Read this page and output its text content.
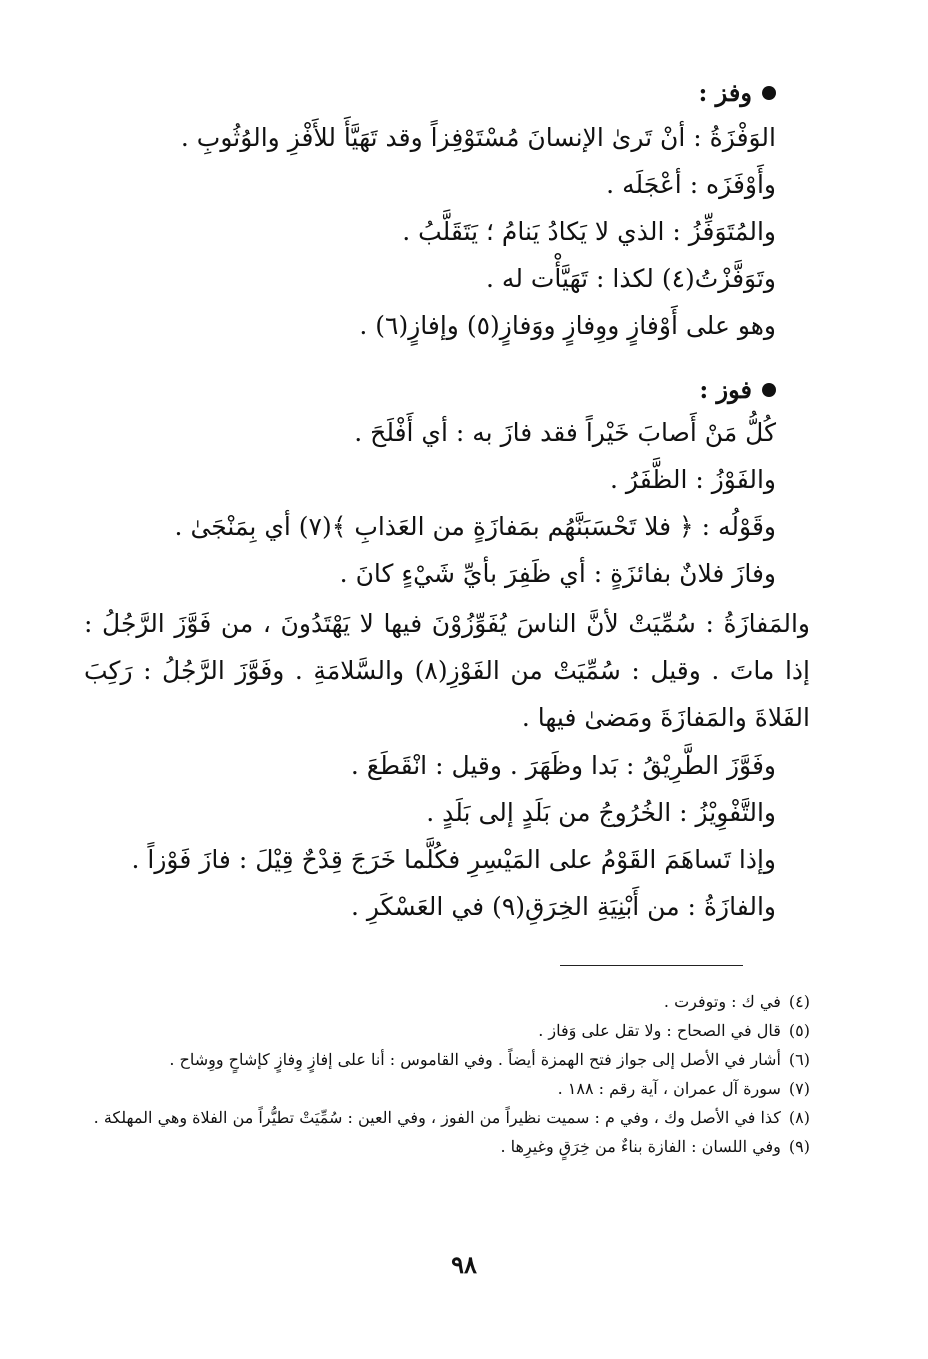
وفز :
الوَفْزَةُ : أنْ تَرىٰ الإنسانَ مُسْتَوْفِزاً وقد تَهَيَّأَ للأَفْزِ والوُثُوبِ .
وأَوْفَزَه : أعْجَلَه .
والمُتَوَفِّزُ : الذي لا يَكادُ يَنامُ ؛ يَتَقَلَّبُ .
وتَوَفَّزْتُ(٤) لكذا : تَهَيَّأْت له .
وهو على أَوْفازٍ ووِفازٍ ووَفازٍ(٥) وإفازٍ(٦) .
فوز :
كُلُّ مَنْ أَصابَ خَيْراً فقد فازَ به : أي أَفْلَحَ .
والفَوْزُ : الظَّفَرُ .
وقَوْلُه : ﴿ فلا تَحْسَبَنَّهُم بمَفازَةٍ من العَذابِ ﴾(٧) أي بِمَنْجَىٰ .
وفازَ فلانٌ بفائزَةٍ : أي ظَفِرَ بأيِّ شَيْءٍ كانَ .
والمَفازَةُ : سُمِّيَتْ لأنَّ الناسَ يُفَوِّزُوْنَ فيها لا يَهْتَدُونَ ، من فَوَّزَ الرَّجُلُ : إذا ماتَ . وقيل : سُمِّيَتْ من الفَوْزِ(٨) والسَّلامَةِ . وفَوَّزَ الرَّجُلُ : رَكِبَ الفَلاةَ والمَفازَةَ ومَضىٰ فيها .
وفَوَّزَ الطَّرِيْقُ : بَدا وظَهَرَ . وقيل : انْقَطَعَ .
والتَّفْوِيْزُ : الخُرُوجُ من بَلَدٍ إلى بَلَدٍ .
وإذا تَساهَمَ القَوْمُ على المَيْسِرِ فكُلَّما خَرَجَ قِدْحٌ قِيْلَ : فازَ فَوْزاً .
والفازَةُ : من أَبْنِيَةِ الخِرَقِ(٩) في العَسْكَرِ .
(٤)
في ك : وتوفرت .
(٥)
قال في الصحاح : ولا تقل على وَفاز .
(٦)
أشار في الأصل إلى جواز فتح الهمزة أيضاً . وفي القاموس : أنا على إفازٍ وِفازٍ كإشاحٍ ووِشاح .
(٧)
سورة آل عمران ، آية رقم : ١٨٨ .
(٨)
كذا في الأصل وك ، وفي م : سميت نظيراً من الفوز ، وفي العين : سُمِّيَتْ تطيُّراً من الفلاة وهي المهلكة .
(٩)
وفي اللسان : الفازة بناءٌ من خِرَقٍ وغيرِها .
٩٨
